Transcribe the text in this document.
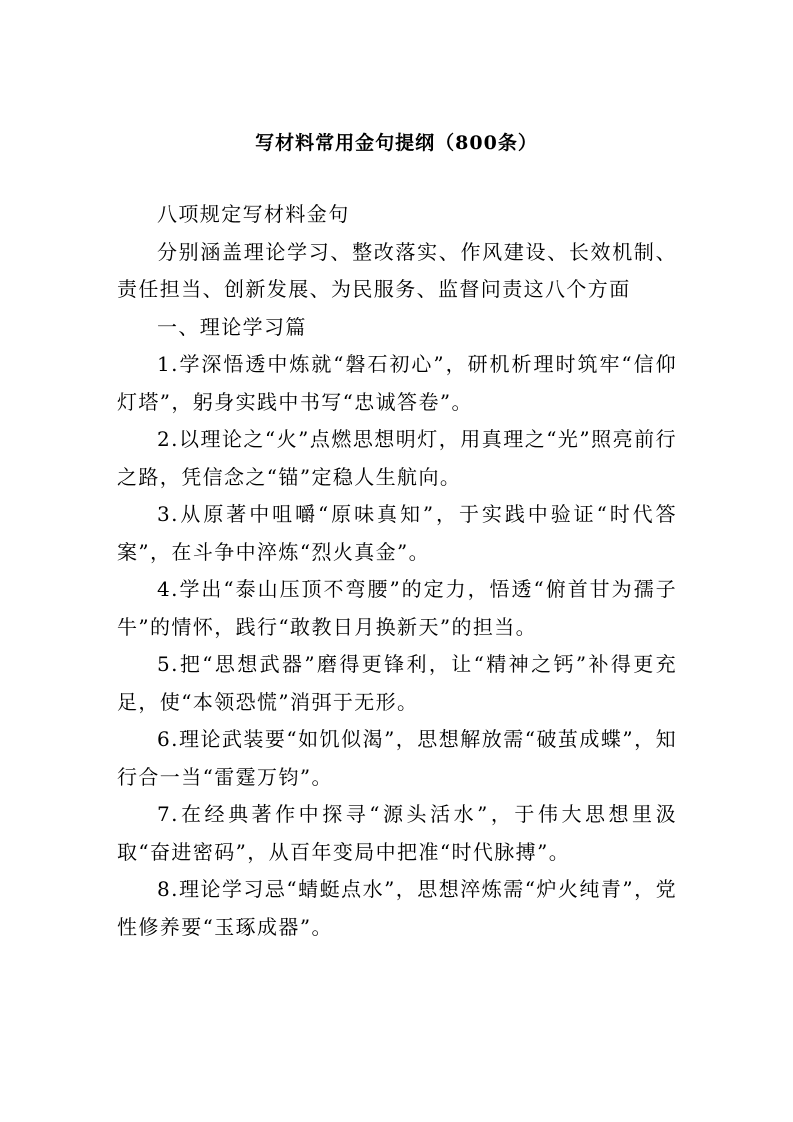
写材料常用金句提纲（800条）

八项规定写材料金句

分别涵盖理论学习、整改落实、作风建设、长效机制、责任担当、创新发展、为民服务、监督问责这八个方面

一、理论学习篇

1.学深悟透中炼就“磐石初心”，研机析理时筑牢“信仰灯塔”，躬身实践中书写“忠诚答卷”。

2.以理论之“火”点燃思想明灯，用真理之“光”照亮前行之路，凭信念之“锚”定稳人生航向。

3.从原著中咀嚼“原味真知”，于实践中验证“时代答案”，在斗争中淬炼“烈火真金”。

4.学出“泰山压顶不弯腰”的定力，悟透“俯首甘为孺子牛”的情怀，践行“敢教日月换新天”的担当。

5.把“思想武器”磨得更锋利，让“精神之钙”补得更充足，使“本领恐慌”消弭于无形。

6.理论武装要“如饥似渴”，思想解放需“破茧成蝶”，知行合一当“雷霆万钧”。

7.在经典著作中探寻“源头活水”，于伟大思想里汲取“奋进密码”，从百年变局中把准“时代脉搏”。

8.理论学习忌“蜻蜓点水”，思想淬炼需“炉火纯青”，党性修养要“玉琢成器”。
